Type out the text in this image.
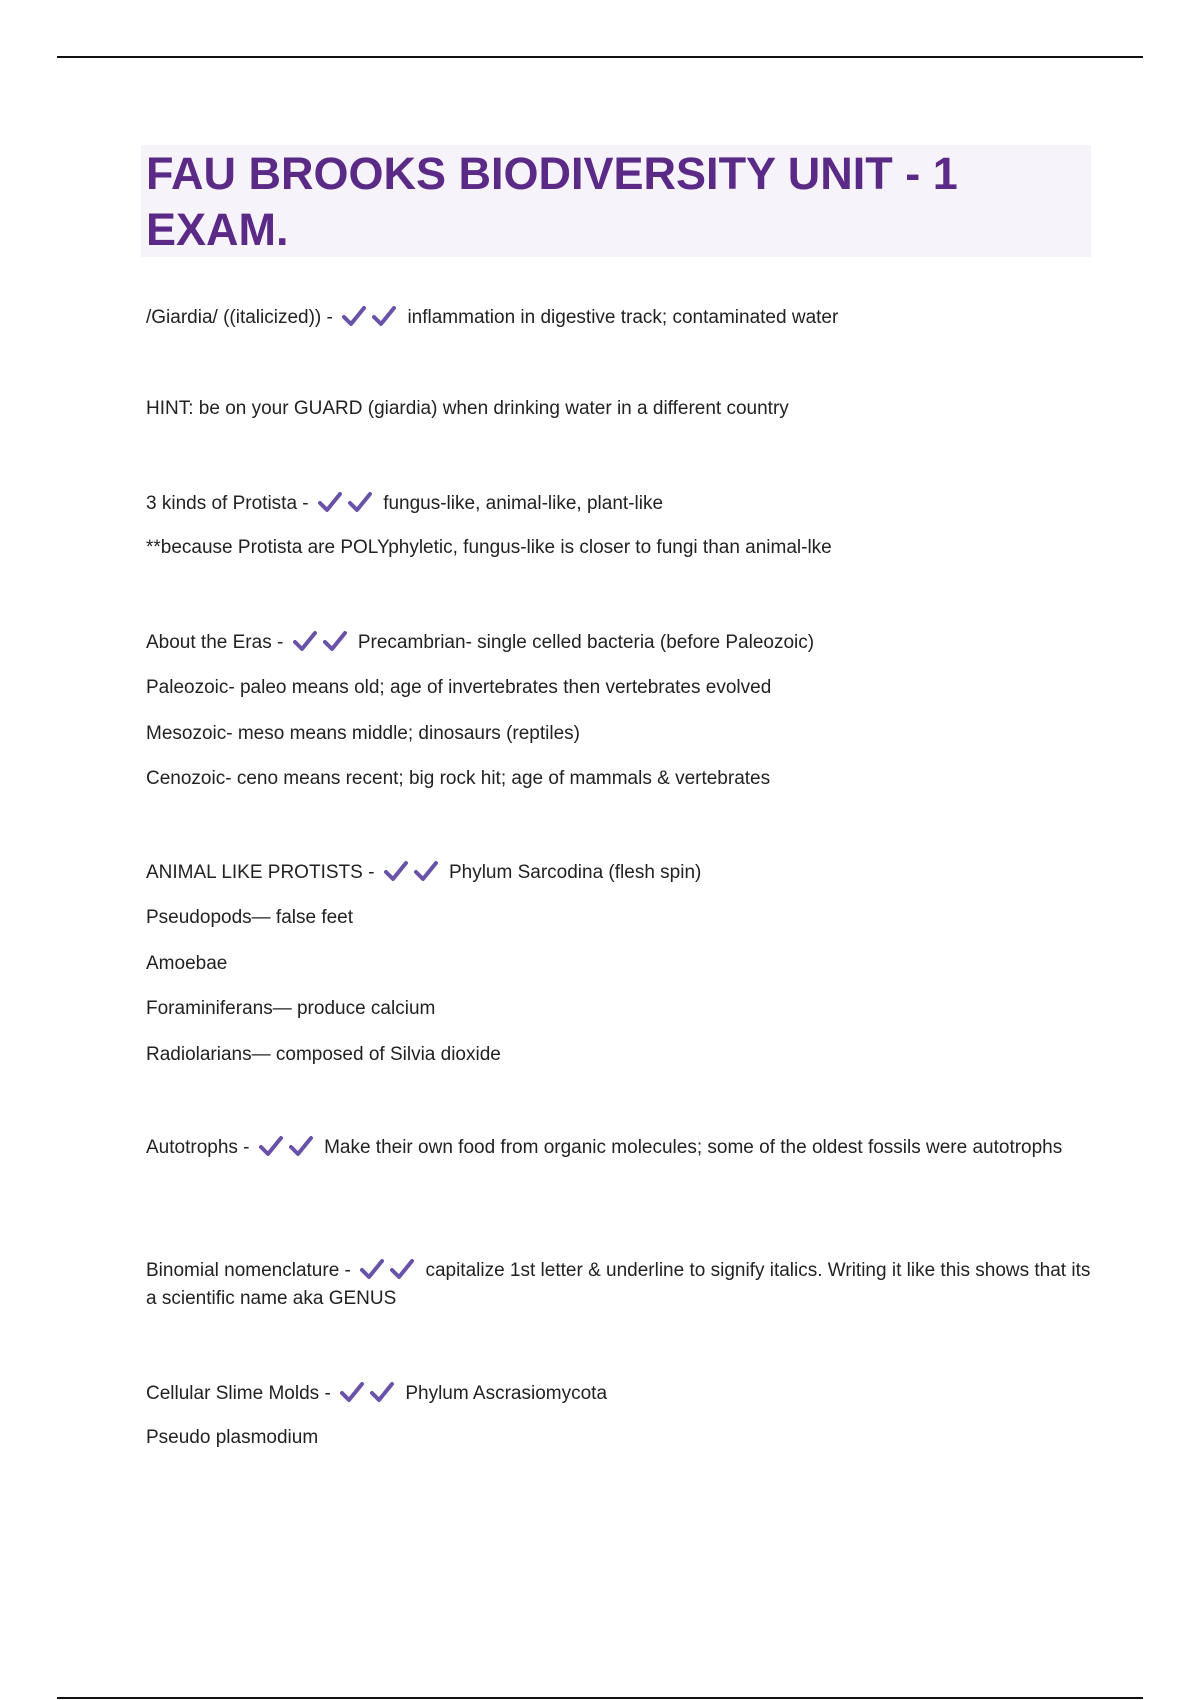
FAU BROOKS BIODIVERSITY UNIT - 1 EXAM.
/Giardia/ ((italicized)) -	inflammation in digestive track; contaminated water
HINT: be on your GUARD (giardia) when drinking water in a different country
3 kinds of Protista -	fungus-like, animal-like, plant-like
**because Protista are POLYphyletic, fungus-like is closer to fungi than animal-lke
About the Eras -	Precambrian- single celled bacteria (before Paleozoic)
Paleozoic- paleo means old; age of invertebrates then vertebrates evolved
Mesozoic- meso means middle; dinosaurs (reptiles)
Cenozoic- ceno means recent; big rock hit; age of mammals & vertebrates
ANIMAL LIKE PROTISTS -	Phylum Sarcodina (flesh spin)
Pseudopods— false feet
Amoebae
Foraminiferans— produce calcium
Radiolarians— composed of Silvia dioxide
Autotrophs -	Make their own food from organic molecules; some of the oldest fossils were autotrophs
Binomial nomenclature -	capitalize 1st letter & underline to signify italics. Writing it like this shows that its a scientific name aka GENUS
Cellular Slime Molds -	Phylum Ascrasiomycota
Pseudo plasmodium
